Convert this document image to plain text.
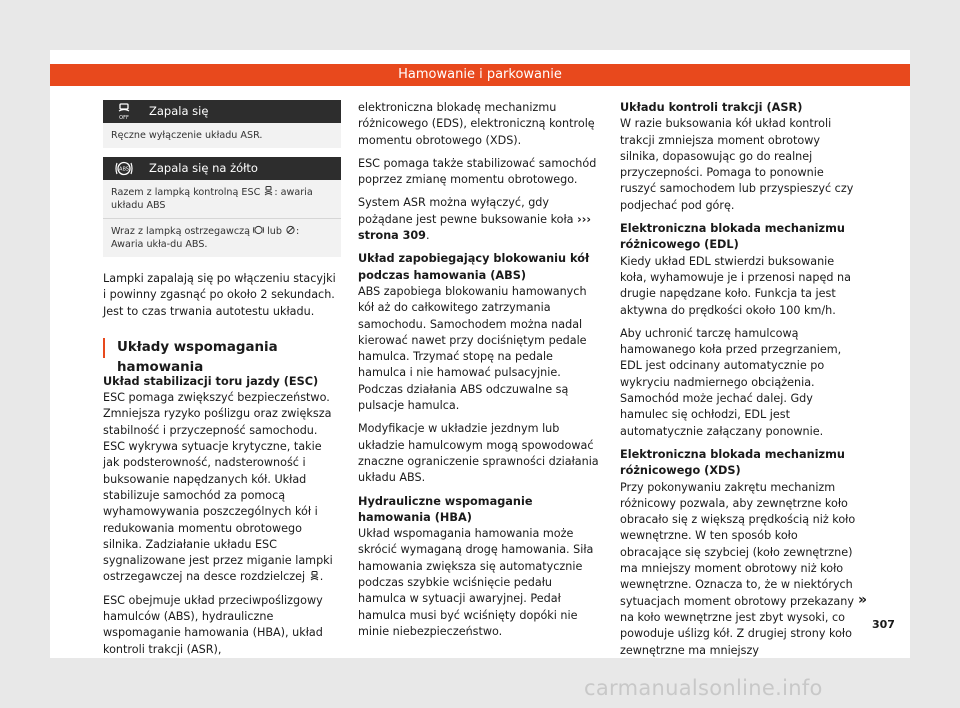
Hamowanie i parkowanie
OFF Zapala się
Ręczne wyłączenie układu ASR.
ABS Zapala się na żółto
Razem z lampką kontrolną ESC : awaria układu ABS
Wraz z lampką ostrzegawczą  lub : Awaria ukła-du ABS.

Lampki zapalają się po włączeniu stacyjki i powinny zgasnąć po około 2 sekundach. Jest to czas trwania autotestu układu.

Układy wspomagania hamowania
Układ stabilizacji toru jazdy (ESC)

ESC pomaga zwiększyć bezpieczeństwo. Zmniejsza ryzyko poślizgu oraz zwiększa stabilność i przyczepność samochodu. ESC wykrywa sytuacje krytyczne, takie jak podsterowność, nadsterowność i buksowanie napędzanych kół. Układ stabilizuje samochód za pomocą wyhamowywania poszczególnych kół i redukowania momentu obrotowego silnika. Zadziałanie układu ESC sygnalizowane jest przez miganie lampki ostrzegawczej na desce rozdzielczej .

ESC obejmuje układ przeciwpoślizgowy hamulców (ABS), hydrauliczne wspomaganie hamowania (HBA), układ kontroli trakcji (ASR),

elektroniczna blokadę mechanizmu różnicowego (EDS), elektroniczną kontrolę momentu obrotowego (XDS).

ESC pomaga także stabilizować samochód poprzez zmianę momentu obrotowego.

System ASR można wyłączyć, gdy pożądane jest pewne buksowanie koła ››› strona 309.

Układ zapobiegający blokowaniu kół podczas hamowania (ABS)

ABS zapobiega blokowaniu hamowanych kół aż do całkowitego zatrzymania samochodu. Samochodem można nadal kierować nawet przy dociśniętym pedale hamulca. Trzymać stopę na pedale hamulca i nie hamować pulsacyjnie. Podczas działania ABS odczuwalne są pulsacje hamulca.

Modyfikacje w układzie jezdnym lub układzie hamulcowym mogą spowodować znaczne ograniczenie sprawności działania układu ABS.

Hydrauliczne wspomaganie hamowania (HBA)

Układ wspomagania hamowania może skrócić wymaganą drogę hamowania. Siła hamowania zwiększa się automatycznie podczas szybkie wciśnięcie pedału hamulca w sytuacji awaryjnej. Pedał hamulca musi być wciśnięty dopóki nie minie niebezpieczeństwo.

Układu kontroli trakcji (ASR)

W razie buksowania kół układ kontroli trakcji zmniejsza moment obrotowy silnika, dopasowując go do realnej przyczepności. Pomaga to ponownie ruszyć samochodem lub przyspieszyć czy podjechać pod górę.

Elektroniczna blokada mechanizmu różnicowego (EDL)

Kiedy układ EDL stwierdzi buksowanie koła, wyhamowuje je i przenosi napęd na drugie napędzane koło. Funkcja ta jest aktywna do prędkości około 100 km/h.

Aby uchronić tarczę hamulcową hamowanego koła przed przegrzaniem, EDL jest odcinany automatycznie po wykryciu nadmiernego obciążenia. Samochód może jechać dalej. Gdy hamulec się ochłodzi, EDL jest automatycznie załączany ponownie.

Elektroniczna blokada mechanizmu różnicowego (XDS)

Przy pokonywaniu zakrętu mechanizm różnicowy pozwala, aby zewnętrzne koło obracało się z większą prędkością niż koło wewnętrzne. W ten sposób koło obracające się szybciej (koło zewnętrzne) ma mniejszy moment obrotowy niż koło wewnętrzne. Oznacza to, że w niektórych sytuacjach moment obrotowy przekazany na koło wewnętrzne jest zbyt wysoki, co powoduje uślizg kół. Z drugiej strony koło zewnętrzne ma mniejszy

»
307
carmanualsonline.info
